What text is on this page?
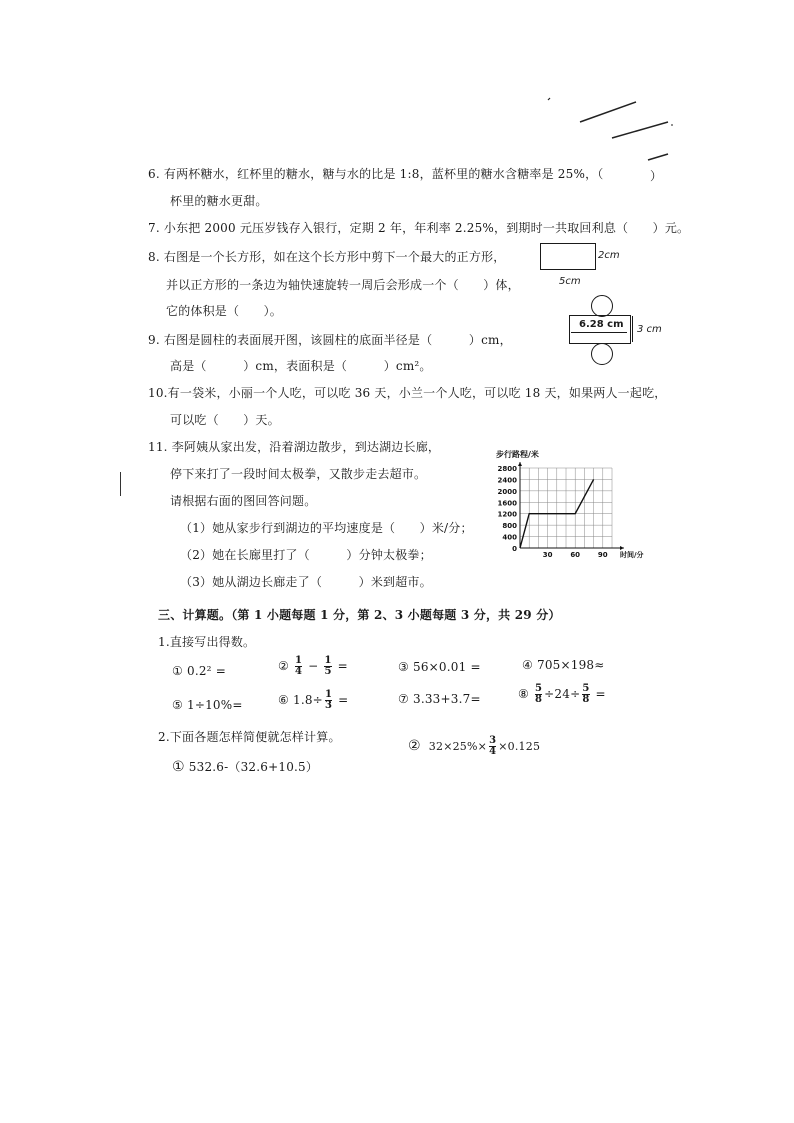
6. 有两杯糖水，红杯里的糖水，糖与水的比是 1:8，蓝杯里的糖水含糖率是 25%，（	）
杯里的糖水更甜。
7. 小东把 2000 元压岁钱存入银行，定期 2 年，年利率 2.25%，到期时一共取回利息（　　）元。
8. 右图是一个长方形，如在这个长方形中剪下一个最大的正方形，
并以正方形的一条边为轴快速旋转一周后会形成一个（　　）体，
它的体积是（　　）。
2cm
5cm
9. 右图是圆柱的表面展开图，该圆柱的底面半径是（　　　）cm，
高是（　　　）cm，表面积是（　　　）cm²。
6.28 cm 3 cm
10.有一袋米，小丽一个人吃，可以吃 36 天，小兰一个人吃，可以吃 18 天，如果两人一起吃，
可以吃（　　）天。
11. 李阿姨从家出发，沿着湖边散步，到达湖边长廊，
停下来打了一段时间太极拳，又散步走去超市。
请根据右面的图回答问题。
（1）她从家步行到湖边的平均速度是（　　）米/分；
（2）她在长廊里打了（　　　）分钟太极拳；
（3）她从湖边长廊走了（　　　）米到超市。
0
400
800
1200
1600
2000
2400
2800
30	60	90
步行路程/米
时间/分
三、计算题。（第 1 小题每题 1 分，第 2、3 小题每题 3 分，共 29 分）
1.直接写出得数。
① 0.2² =	② $\frac{1}{4} - \frac{1}{5}$ =	③ 56×0.01 =	④ 705×198≈
⑤ 1÷10%=	⑥ $1.8\div \frac{1}{3}$ =	⑦ 3.33+3.7=	⑧ $\frac{5}{8} \div 24\div \frac{5}{8}$ =
2.下面各题怎样简便就怎样计算。
① 532.6-（32.6+10.5）
② $32\times 25\%\times \frac{3}{4} \times 0.125$
